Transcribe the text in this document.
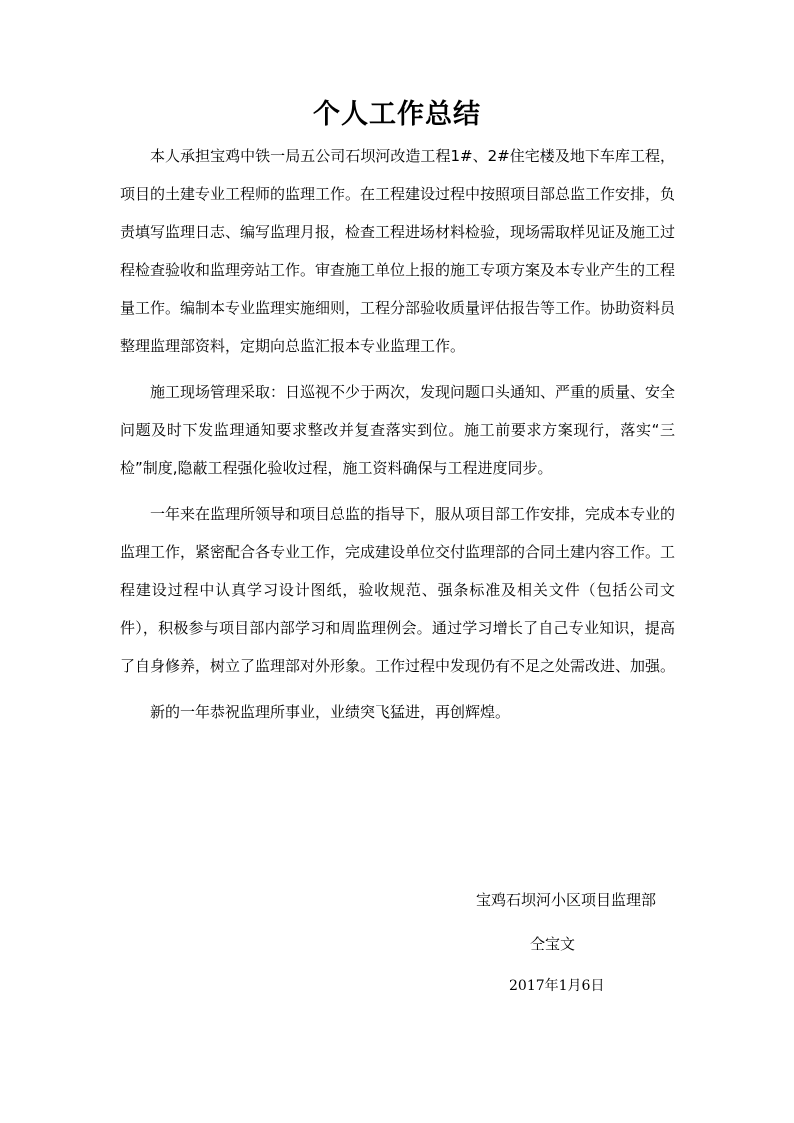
个人工作总结

本人承担宝鸡中铁一局五公司石坝河改造工程1#、2#住宅楼及地下车库工程，项目的土建专业工程师的监理工作。在工程建设过程中按照项目部总监工作安排，负责填写监理日志、编写监理月报，检查工程进场材料检验，现场需取样见证及施工过程检查验收和监理旁站工作。审查施工单位上报的施工专项方案及本专业产生的工程量工作。编制本专业监理实施细则，工程分部验收质量评估报告等工作。协助资料员整理监理部资料，定期向总监汇报本专业监理工作。

施工现场管理采取：日巡视不少于两次，发现问题口头通知、严重的质量、安全问题及时下发监理通知要求整改并复查落实到位。施工前要求方案现行，落实“三检”制度,隐蔽工程强化验收过程，施工资料确保与工程进度同步。

一年来在监理所领导和项目总监的指导下，服从项目部工作安排，完成本专业的监理工作，紧密配合各专业工作，完成建设单位交付监理部的合同土建内容工作。工程建设过程中认真学习设计图纸，验收规范、强条标准及相关文件（包括公司文件），积极参与项目部内部学习和周监理例会。通过学习增长了自己专业知识，提高了自身修养，树立了监理部对外形象。工作过程中发现仍有不足之处需改进、加强。

新的一年恭祝监理所事业，业绩突飞猛进，再创辉煌。

宝鸡石坝河小区项目监理部
仝宝文
2017年1月6日
